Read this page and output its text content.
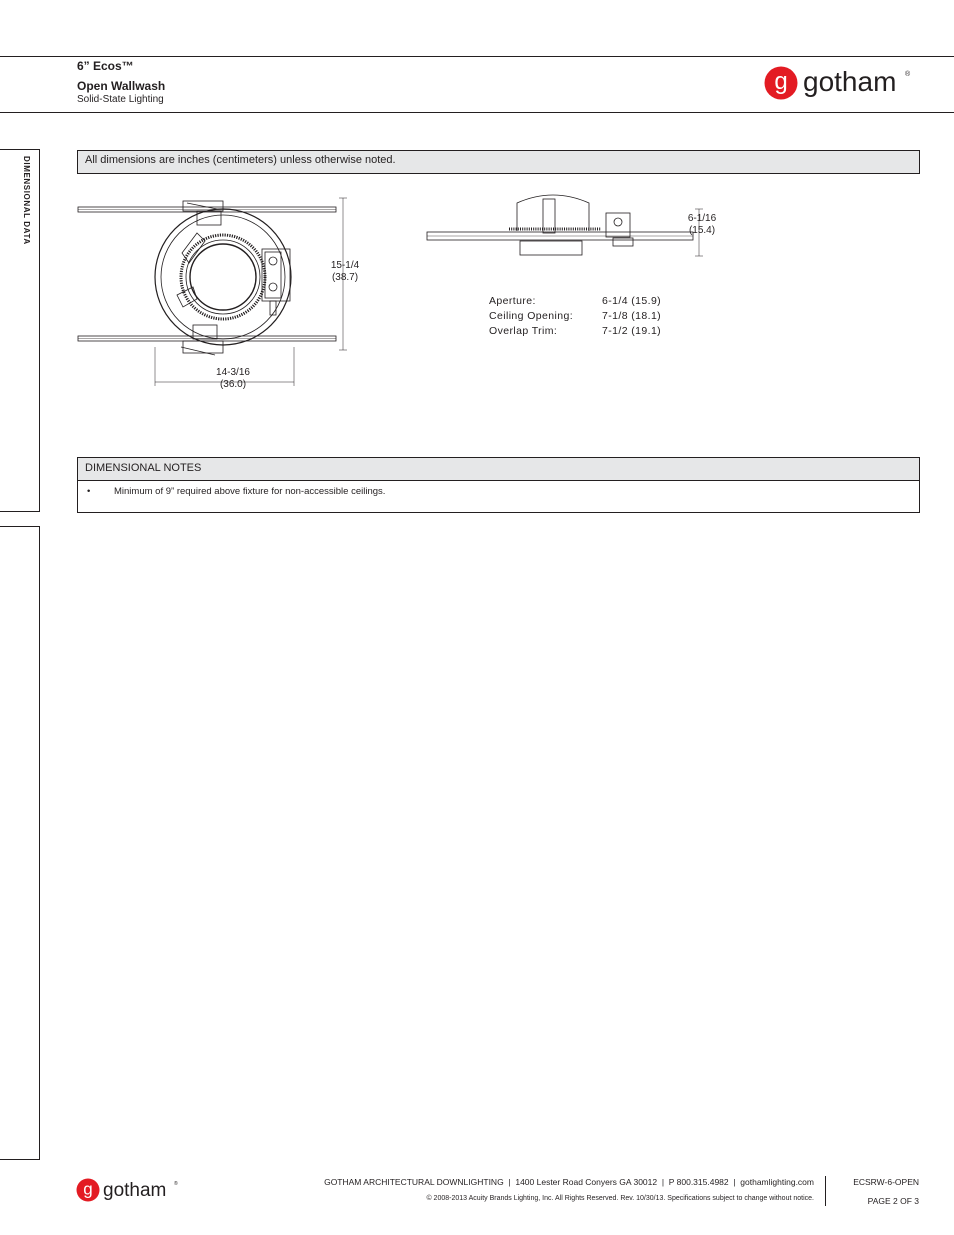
6” Ecos™
Open Wallwash
Solid-State Lighting
g gotham ®
DIMENSIONAL DATA	All dimensions are inches (centimeters) unless otherwise noted.
15-1/4
(38.7)
14-3/16
(36.0)
6-1/16
(15.4)
Aperture:	6-1/4 (15.9)
Ceiling Opening:	7-1/8 (18.1)
Overlap Trim:	7-1/2 (19.1)
DIMENSIONAL NOTES
• Minimum of 9” required above fixture for non-accessible ceilings.
g gotham ®	GOTHAM ARCHITECTURAL DOWNLIGHTING  |  1400 Lester Road Conyers GA 30012  |  P 800.315.4982  |  gothamlighting.com
© 2008-2013 Acuity Brands Lighting, Inc. All Rights Reserved. Rev. 10/30/13. Specifications subject to change without notice.
ECSRW-6-OPEN
PAGE 2 OF 3
